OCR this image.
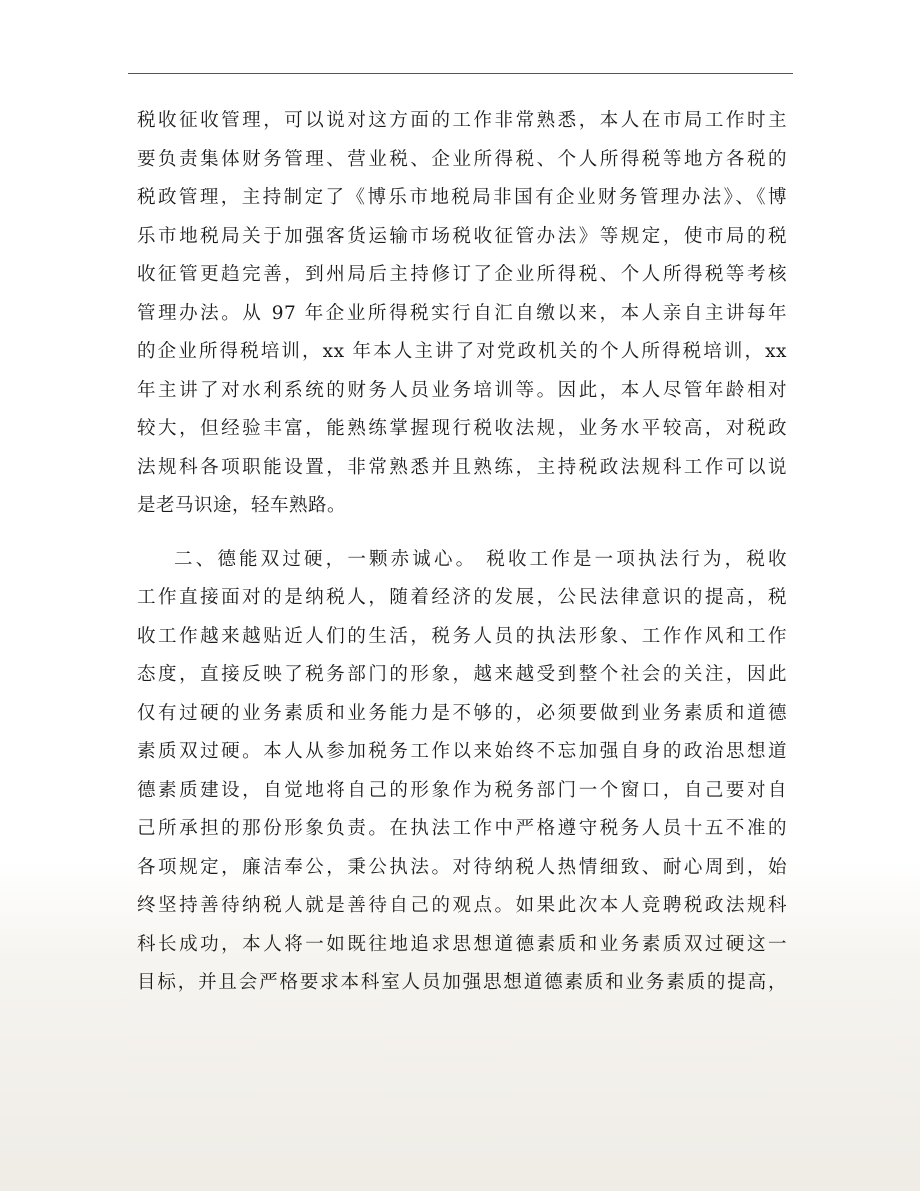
税收征收管理，可以说对这方面的工作非常熟悉，本人在市局工作时主
要负责集体财务管理、营业税、企业所得税、个人所得税等地方各税的
税政管理，主持制定了《博乐市地税局非国有企业财务管理办法》、《博
乐市地税局关于加强客货运输市场税收征管办法》等规定，使市局的税
收征管更趋完善，到州局后主持修订了企业所得税、个人所得税等考核
管理办法。从 97 年企业所得税实行自汇自缴以来，本人亲自主讲每年
的企业所得税培训，xx 年本人主讲了对党政机关的个人所得税培训，xx
年主讲了对水利系统的财务人员业务培训等。因此，本人尽管年龄相对
较大，但经验丰富，能熟练掌握现行税收法规，业务水平较高，对税政
法规科各项职能设置，非常熟悉并且熟练，主持税政法规科工作可以说
是老马识途，轻车熟路。
二、德能双过硬，一颗赤诚心。 税收工作是一项执法行为，税收
工作直接面对的是纳税人，随着经济的发展，公民法律意识的提高，税
收工作越来越贴近人们的生活，税务人员的执法形象、工作作风和工作
态度，直接反映了税务部门的形象，越来越受到整个社会的关注，因此
仅有过硬的业务素质和业务能力是不够的，必须要做到业务素质和道德
素质双过硬。本人从参加税务工作以来始终不忘加强自身的政治思想道
德素质建设，自觉地将自己的形象作为税务部门一个窗口，自己要对自
己所承担的那份形象负责。在执法工作中严格遵守税务人员十五不准的
各项规定，廉洁奉公，秉公执法。对待纳税人热情细致、耐心周到，始
终坚持善待纳税人就是善待自己的观点。如果此次本人竞聘税政法规科
科长成功，本人将一如既往地追求思想道德素质和业务素质双过硬这一
目标，并且会严格要求本科室人员加强思想道德素质和业务素质的提高，
